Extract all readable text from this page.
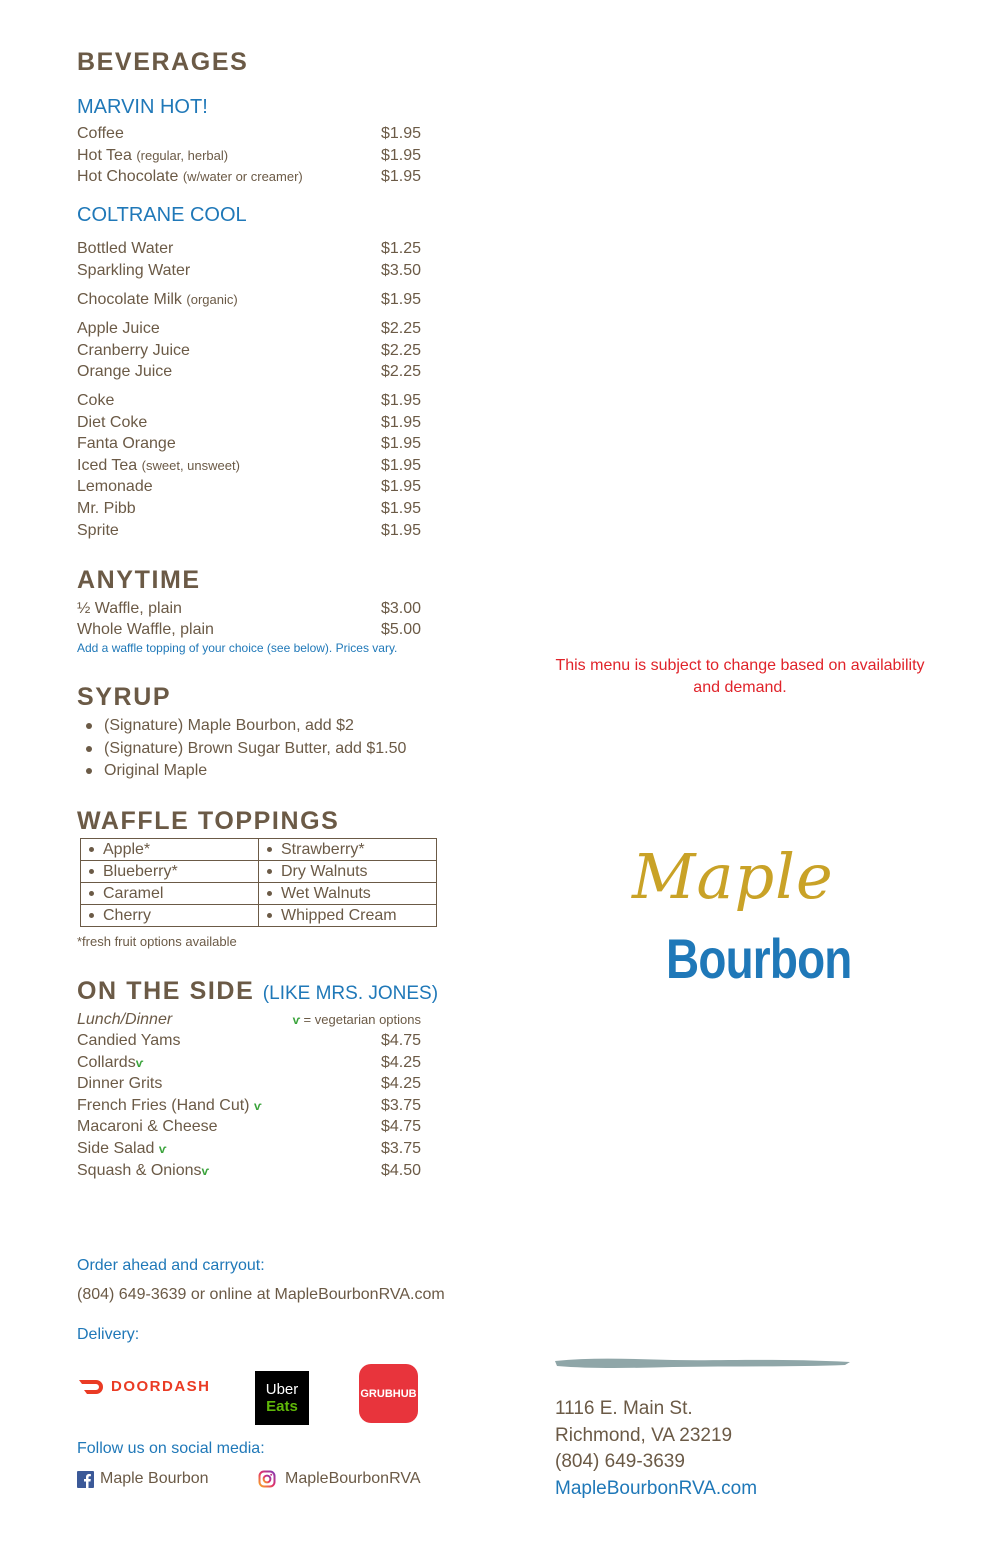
BEVERAGES
MARVIN HOT!
Coffee	$1.95
Hot Tea (regular, herbal)	$1.95
Hot Chocolate (w/water or creamer)	$1.95
COLTRANE COOL
Bottled Water	$1.25
Sparkling Water	$3.50
Chocolate Milk (organic)	$1.95
Apple Juice	$2.25
Cranberry Juice	$2.25
Orange Juice	$2.25
Coke	$1.95
Diet Coke	$1.95
Fanta Orange	$1.95
Iced Tea (sweet, unsweet)	$1.95
Lemonade	$1.95
Mr. Pibb	$1.95
Sprite	$1.95
ANYTIME
½ Waffle, plain	$3.00
Whole Waffle, plain	$5.00
Add a waffle topping of your choice (see below). Prices vary.
SYRUP
(Signature) Maple Bourbon, add $2
(Signature) Brown Sugar Butter, add $1.50
Original Maple
WAFFLE TOPPINGS
Apple*	Strawberry*
Blueberry*	Dry Walnuts
Caramel	Wet Walnuts
Cherry	Whipped Cream
*fresh fruit options available
ON THE SIDE (LIKE MRS. JONES)
Lunch/Dinner	ⱱ = vegetarian options
Candied Yams	$4.75
Collardsⱱ	$4.25
Dinner Grits	$4.25
French Fries (Hand Cut) ⱱ	$3.75
Macaroni & Cheese	$4.75
Side Salad ⱱ	$3.75
Squash & Onionsⱱ	$4.50
Order ahead and carryout:
(804) 649-3639 or online at MapleBourbonRVA.com
Delivery:
DOORDASH	Uber
Eats
GRUBHUB
Follow us on social media:
Maple Bourbon	MapleBourbonRVA
This menu is subject to change based on availability
and demand.
Maple
Bourbon
1116 E. Main St.
Richmond, VA 23219
(804) 649-3639
MapleBourbonRVA.com
